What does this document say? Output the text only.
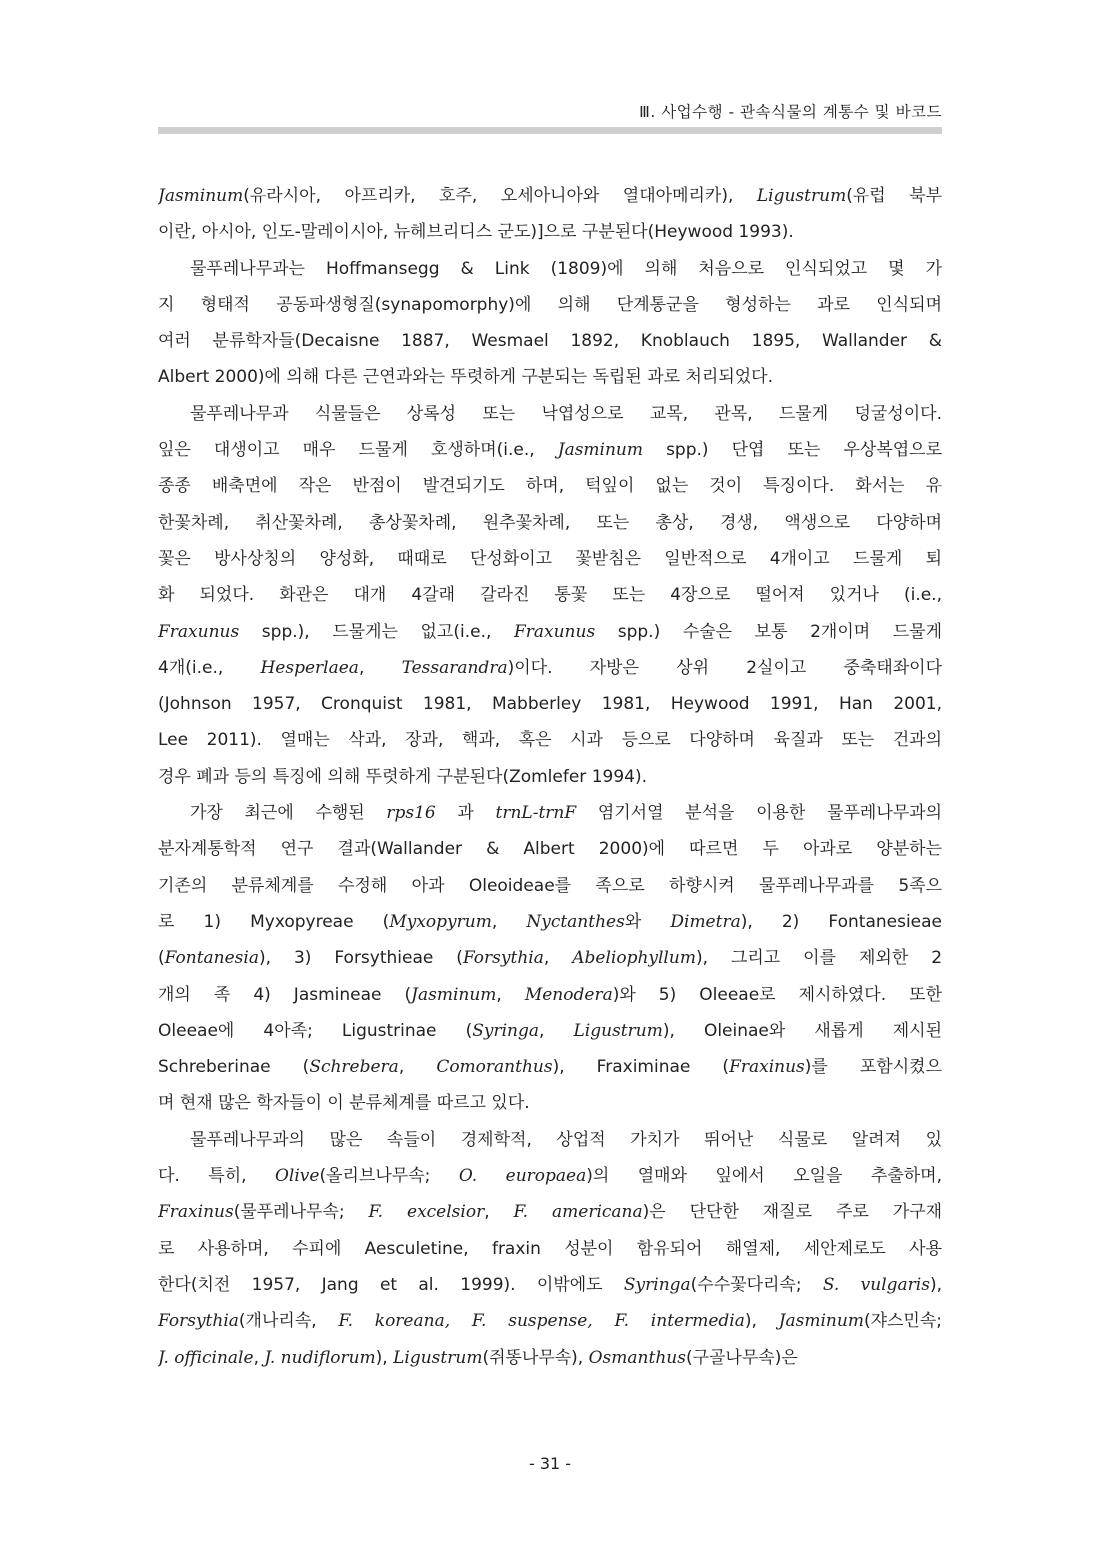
Ⅲ. 사업수행 - 관속식물의 계통수 및 바코드
Jasminum(유라시아, 아프리카, 호주, 오세아니아와 열대아메리카), Ligustrum(유럽 북부
이란, 아시아, 인도-말레이시아, 뉴헤브리디스 군도)]으로 구분된다(Heywood 1993).
물푸레나무과는 Hoffmansegg & Link (1809)에 의해 처음으로 인식되었고 몇 가
지 형태적 공동파생형질(synapomorphy)에 의해 단계통군을 형성하는 과로 인식되며
여러 분류학자들(Decaisne 1887, Wesmael 1892, Knoblauch 1895, Wallander &
Albert 2000)에 의해 다른 근연과와는 뚜렷하게 구분되는 독립된 과로 처리되었다.
물푸레나무과 식물들은 상록성 또는 낙엽성으로 교목, 관목, 드물게 덩굴성이다.
잎은 대생이고 매우 드물게 호생하며(i.e., Jasminum spp.) 단엽 또는 우상복엽으로
종종 배축면에 작은 반점이 발견되기도 하며, 턱잎이 없는 것이 특징이다. 화서는 유
한꽃차례, 취산꽃차례, 총상꽃차례, 원추꽃차례, 또는 총상, 경생, 액생으로 다양하며
꽃은 방사상칭의 양성화, 때때로 단성화이고 꽃받침은 일반적으로 4개이고 드물게 퇴
화 되었다. 화관은 대개 4갈래 갈라진 통꽃 또는 4장으로 떨어져 있거나 (i.e.,
Fraxunus spp.), 드물게는 없고(i.e., Fraxunus spp.) 수술은 보통 2개이며 드물게
4개(i.e., Hesperlaea, Tessarandra)이다. 자방은 상위 2실이고 중축태좌이다
(Johnson 1957, Cronquist 1981, Mabberley 1981, Heywood 1991, Han 2001,
Lee 2011). 열매는 삭과, 장과, 핵과, 혹은 시과 등으로 다양하며 육질과 또는 건과의
경우 폐과 등의 특징에 의해 뚜렷하게 구분된다(Zomlefer 1994).
가장 최근에 수행된 rps16 과 trnL-trnF 염기서열 분석을 이용한 물푸레나무과의
분자계통학적 연구 결과(Wallander & Albert 2000)에 따르면 두 아과로 양분하는
기존의 분류체계를 수정해 아과 Oleoideae를 족으로 하향시켜 물푸레나무과를 5족으
로 1) Myxopyreae (Myxopyrum, Nyctanthes와 Dimetra), 2) Fontanesieae
(Fontanesia), 3) Forsythieae (Forsythia, Abeliophyllum), 그리고 이를 제외한 2
개의 족 4) Jasmineae (Jasminum, Menodera)와 5) Oleeae로 제시하였다. 또한
Oleeae에 4아족; Ligustrinae (Syringa, Ligustrum), Oleinae와 새롭게 제시된
Schreberinae (Schrebera, Comoranthus), Fraximinae (Fraxinus)를 포함시켰으
며 현재 많은 학자들이 이 분류체계를 따르고 있다.
물푸레나무과의 많은 속들이 경제학적, 상업적 가치가 뛰어난 식물로 알려져 있
다. 특히, Olive(올리브나무속; O. europaea)의 열매와 잎에서 오일을 추출하며,
Fraxinus(물푸레나무속; F. excelsior, F. americana)은 단단한 재질로 주로 가구재
로 사용하며, 수피에 Aesculetine, fraxin 성분이 함유되어 해열제, 세안제로도 사용
한다(치전 1957, Jang et al. 1999). 이밖에도 Syringa(수수꽃다리속; S. vulgaris),
Forsythia(개나리속, F. koreana, F. suspense, F. intermedia), Jasminum(쟈스민속;
J. officinale, J. nudiflorum), Ligustrum(쥐똥나무속), Osmanthus(구골나무속)은
- 31 -
